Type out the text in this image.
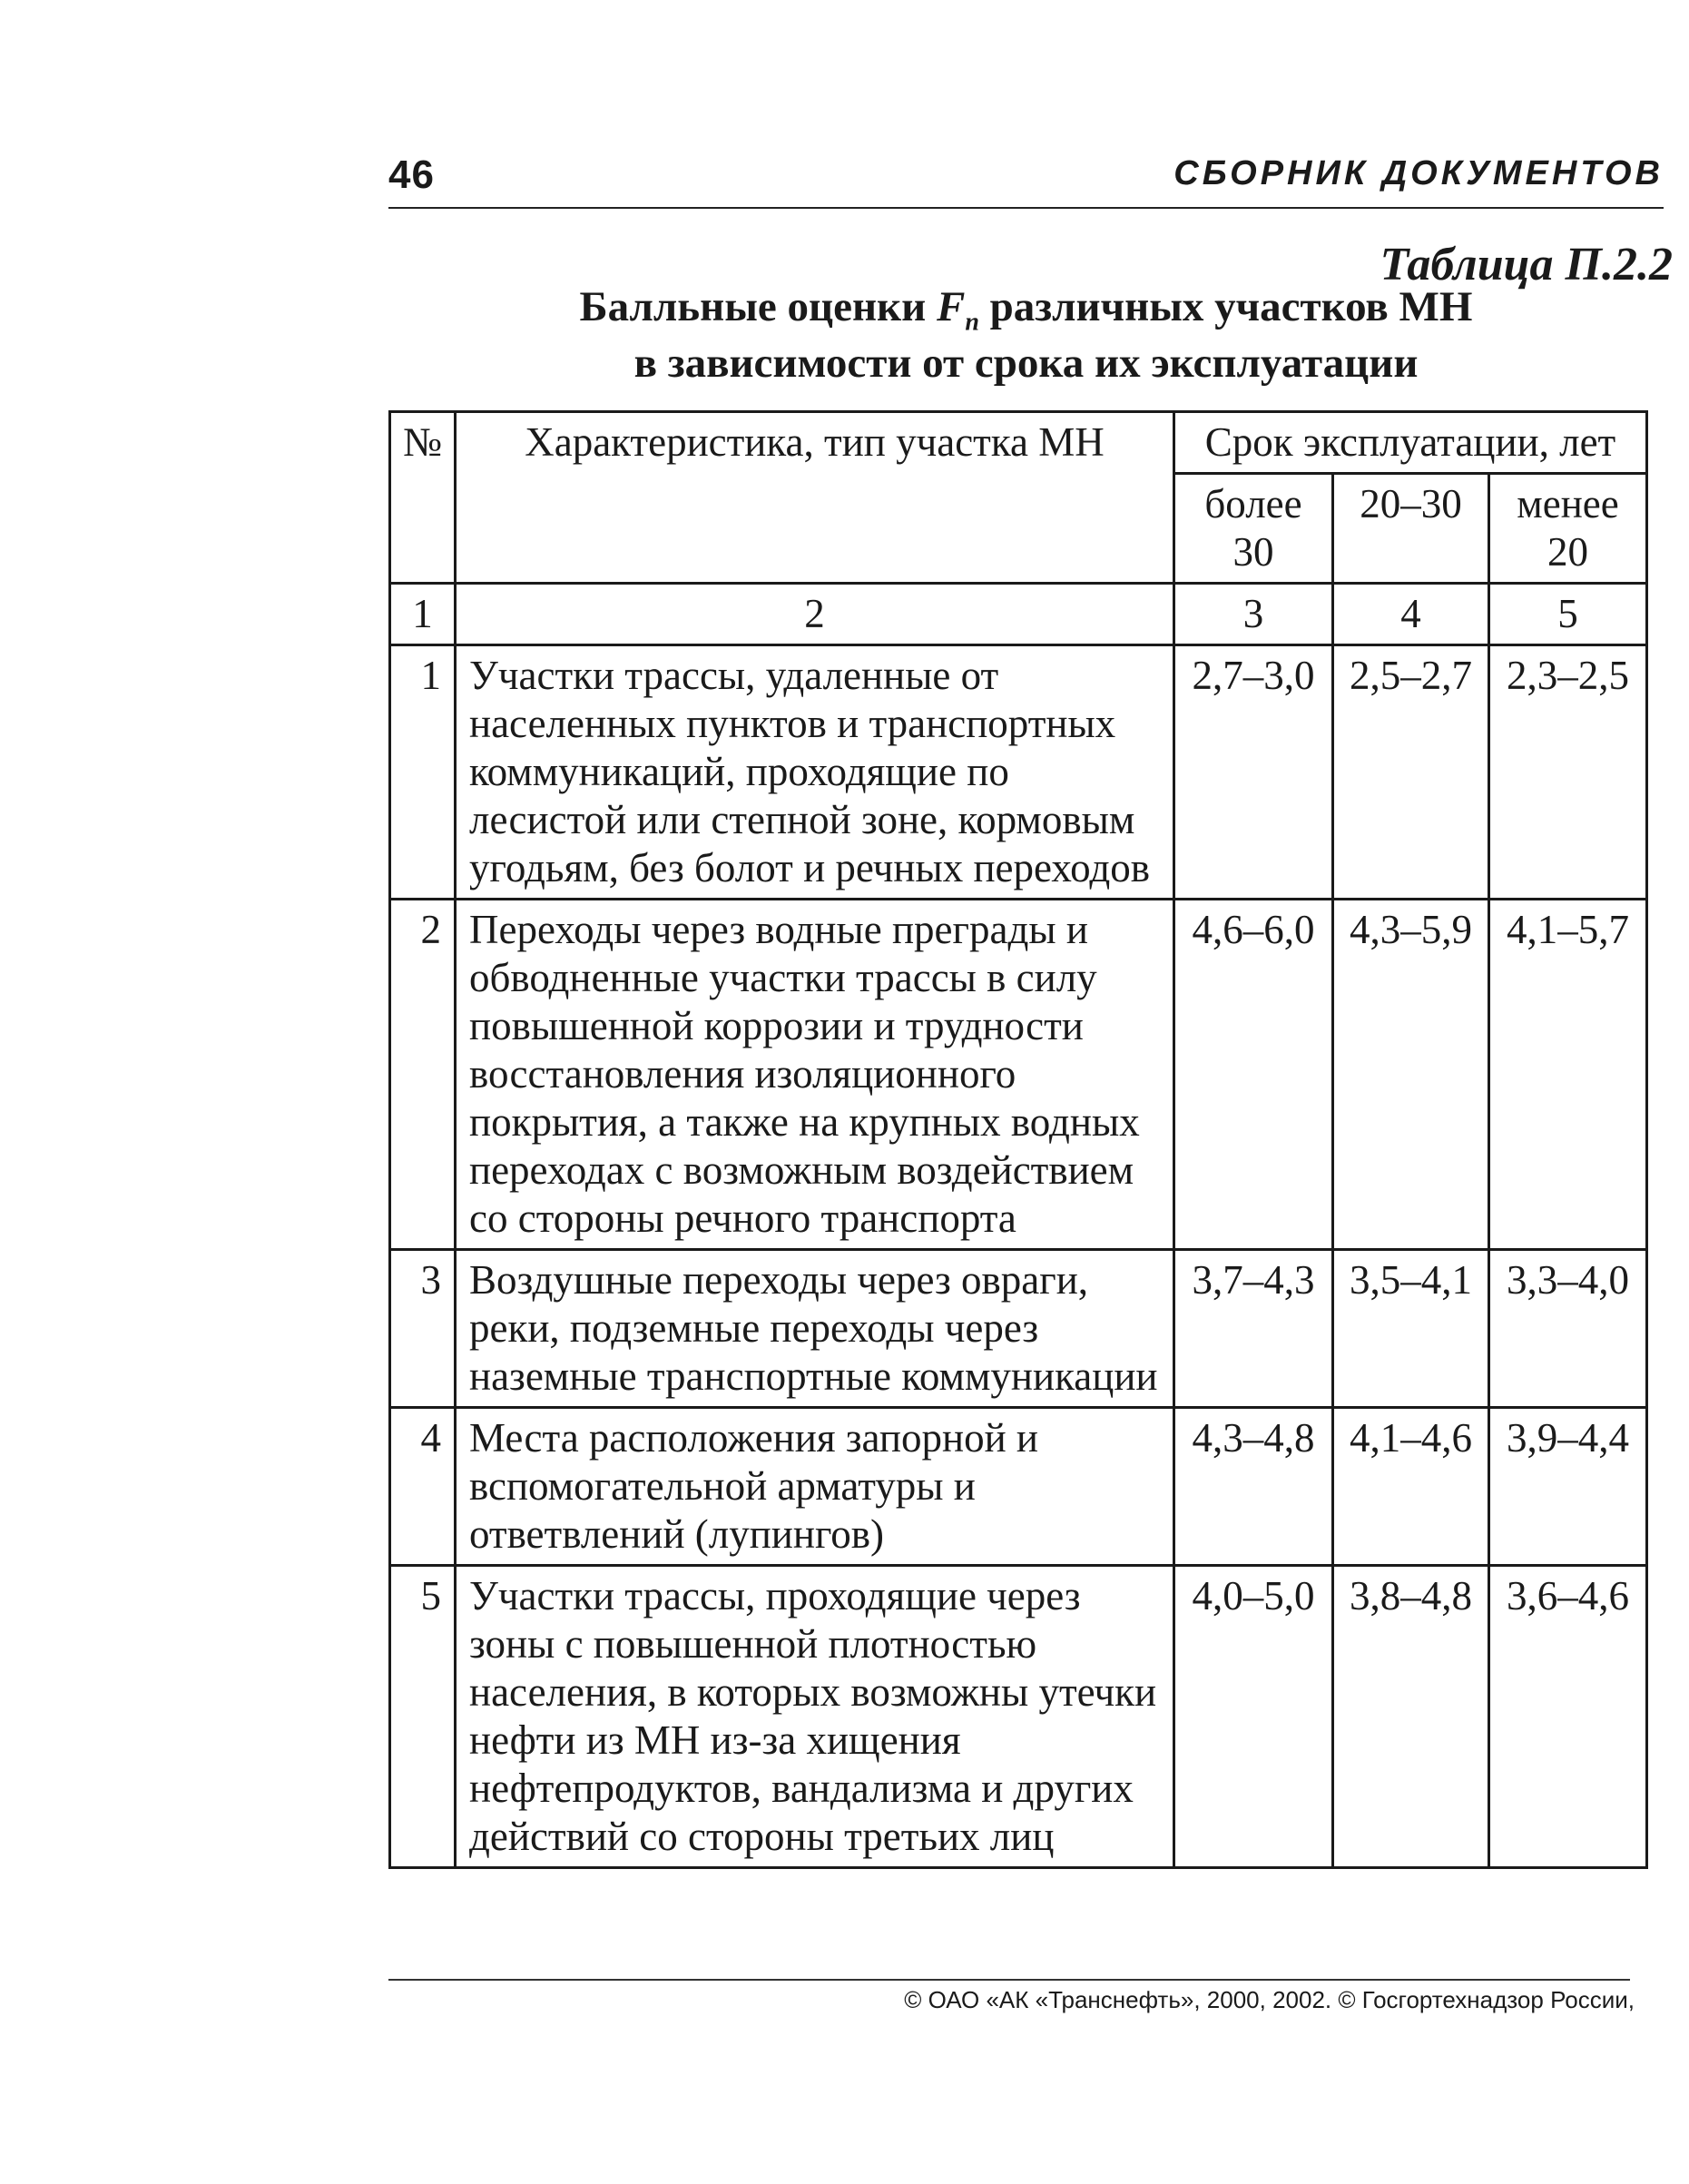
46	СБОРНИК ДОКУМЕНТОВ
Таблица П.2.2
Балльные оценки $F_п$ различных участков МН
в зависимости от срока их эксплуатации
№	Характеристика, тип участка МН	Срок эксплуатации, лет		
		более 30	20–30	менее 20
1	2	3	4	5
1	Участки трассы, удаленные от населенных пунктов и транспортных коммуникаций, проходящие по лесистой или степной зоне, кормовым угодьям, без болот и речных переходов	2,7–3,0	2,5–2,7	2,3–2,5
2	Переходы через водные преграды и обводненные участки трассы в силу повышенной коррозии и трудности восстановления изоляционного покрытия, а также на крупных водных переходах с возможным воздействием со стороны речного транспорта	4,6–6,0	4,3–5,9	4,1–5,7
3	Воздушные переходы через овраги, реки, подземные переходы через наземные транспортные коммуникации	3,7–4,3	3,5–4,1	3,3–4,0
4	Места расположения запорной и вспомогательной арматуры и ответвлений (лупингов)	4,3–4,8	4,1–4,6	3,9–4,4
5	Участки трассы, проходящие через зоны с повышенной плотностью населения, в которых возможны утечки нефти из МН из-за хищения нефтепродуктов, вандализма и других действий со стороны третьих лиц	4,0–5,0	3,8–4,8	3,6–4,6
© ОАО «АК «Транснефть», 2000, 2002. © Госгортехнадзор России,
